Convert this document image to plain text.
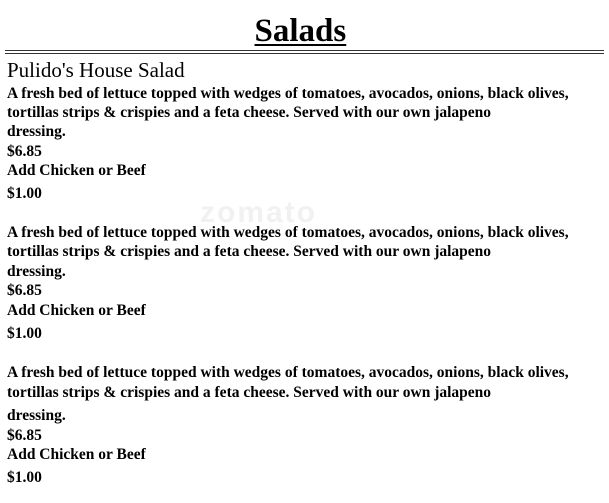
zomato
Salads
Pulido's House Salad
A fresh bed of lettuce topped with wedges of tomatoes, avocados, onions, black olives,
tortillas strips & crispies and a feta cheese. Served with our own jalapeno
dressing.
$6.85
Add Chicken or Beef
$1.00
A fresh bed of lettuce topped with wedges of tomatoes, avocados, onions, black olives,
tortillas strips & crispies and a feta cheese. Served with our own jalapeno
dressing.
$6.85
Add Chicken or Beef
$1.00
A fresh bed of lettuce topped with wedges of tomatoes, avocados, onions, black olives,
tortillas strips & crispies and a feta cheese. Served with our own jalapeno
dressing.
$6.85
Add Chicken or Beef
$1.00
